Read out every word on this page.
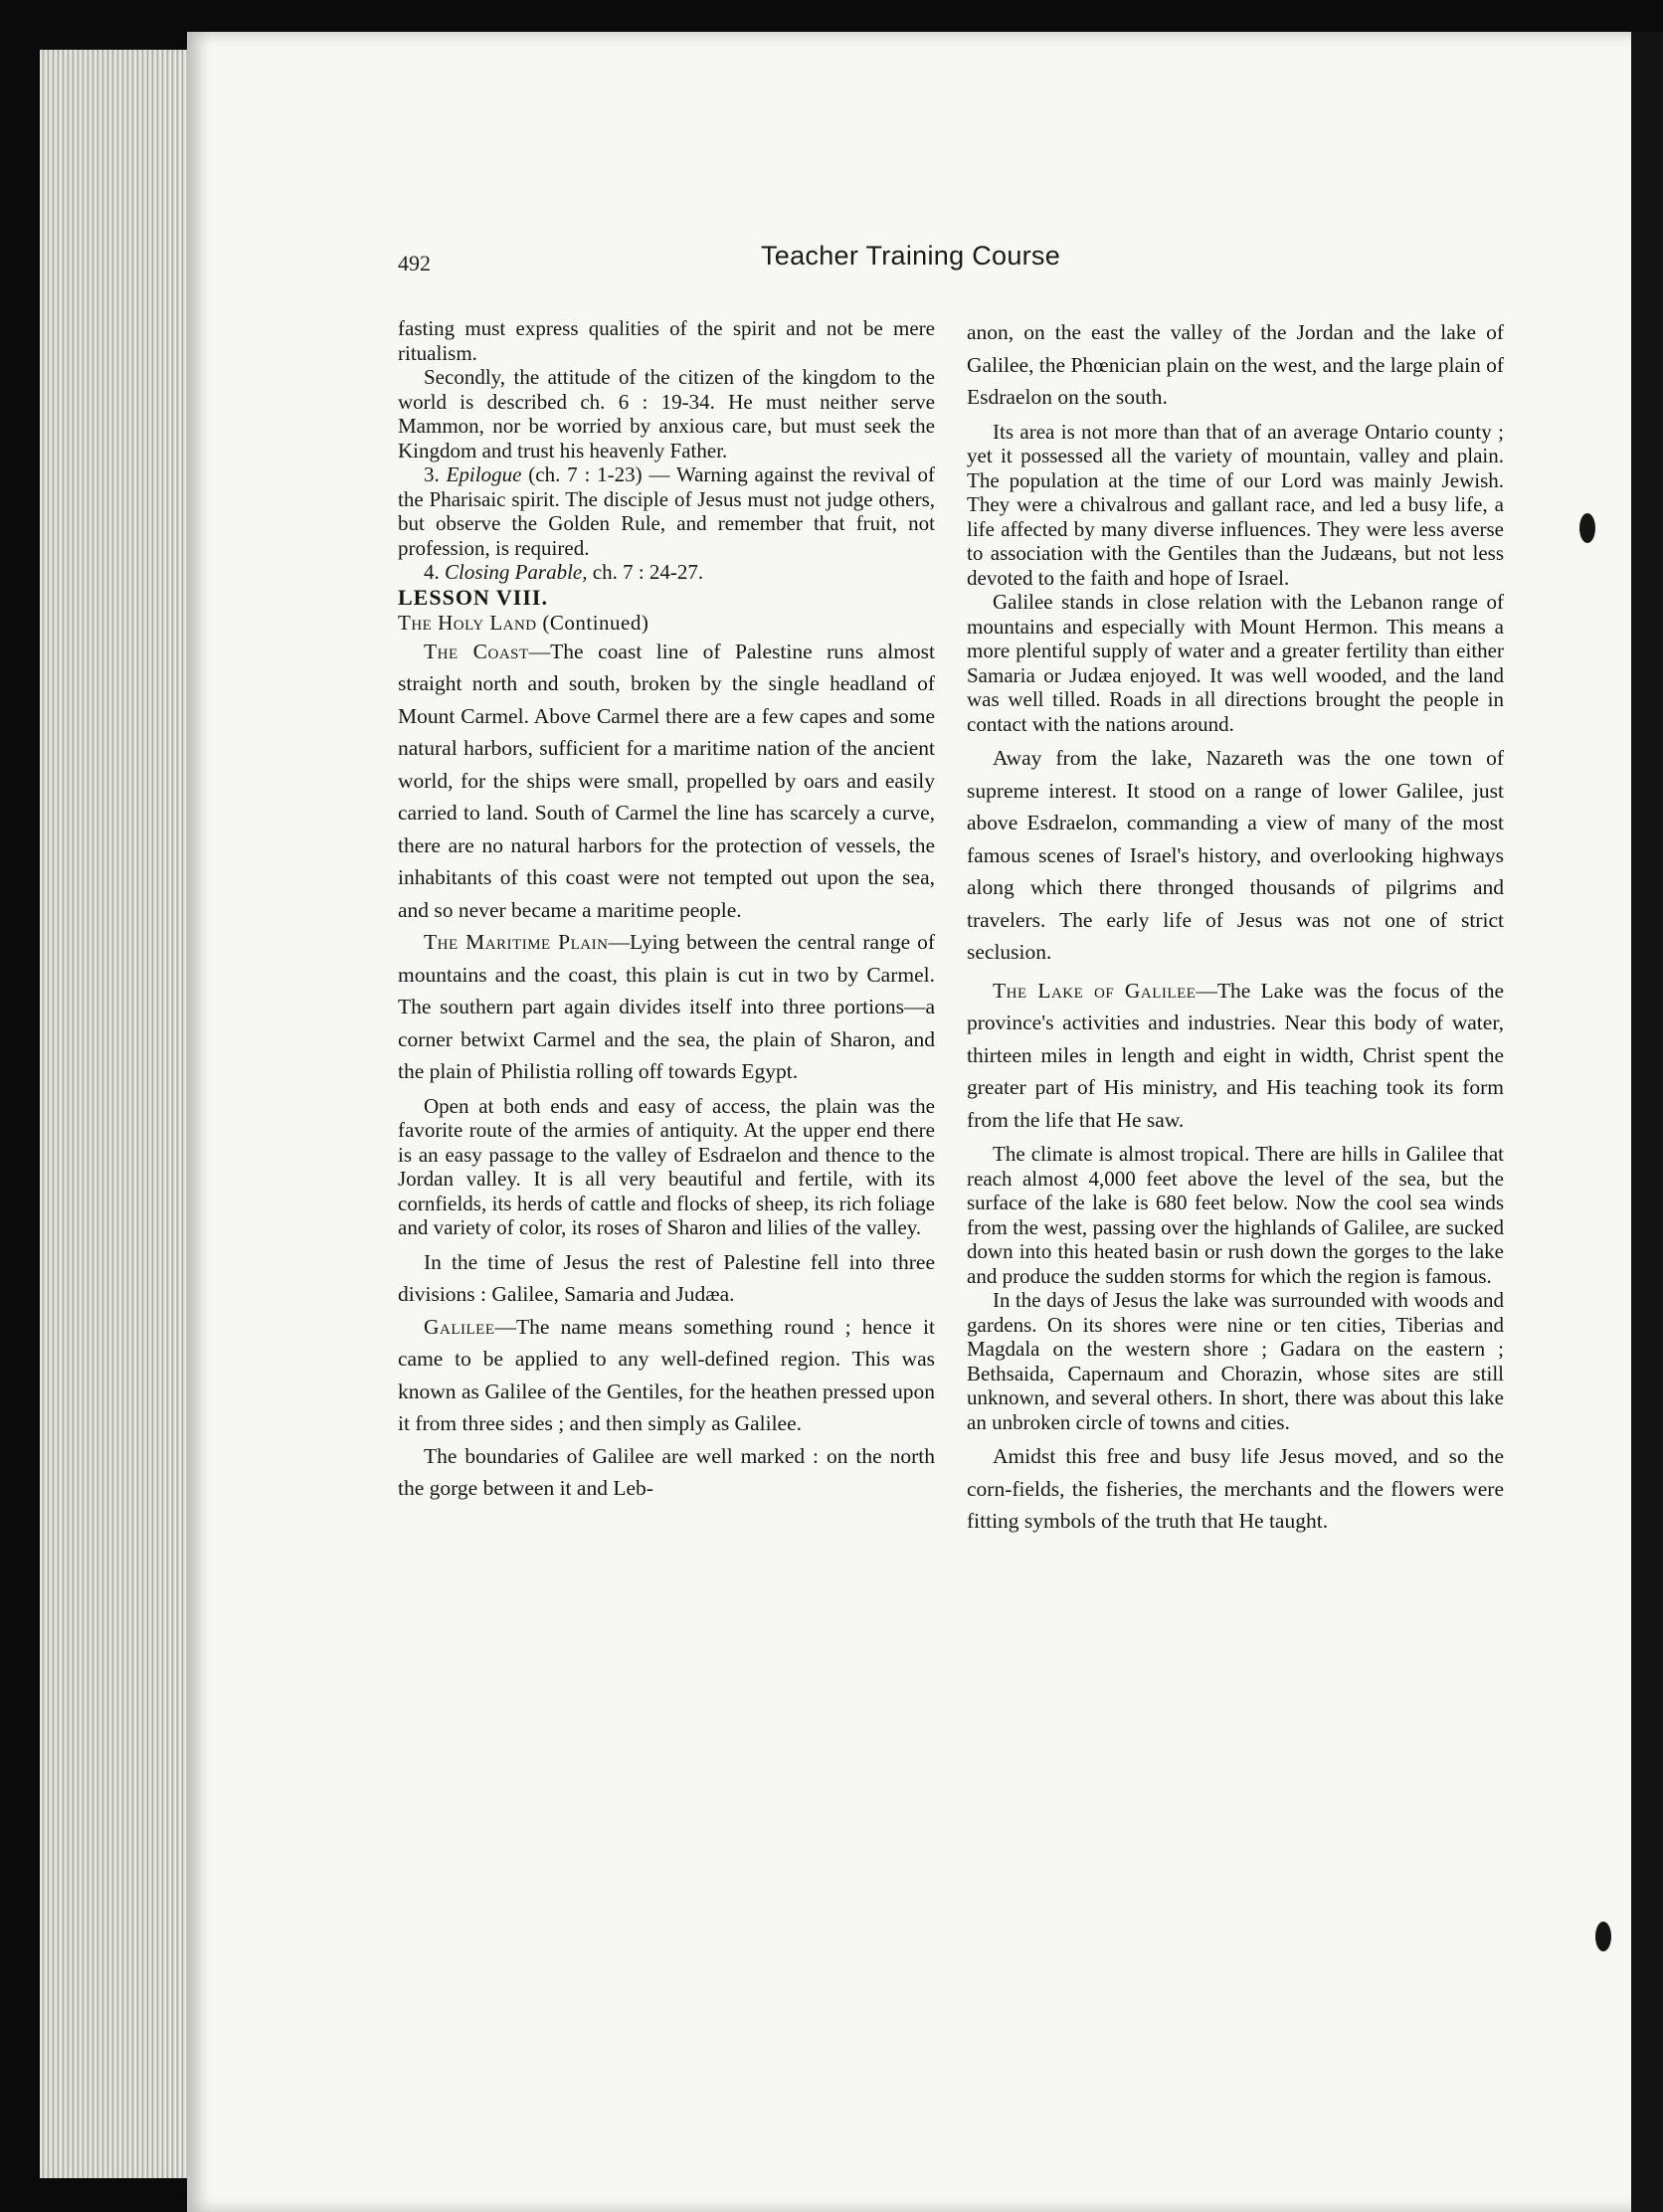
492	Teacher Training Course

fasting must express qualities of the spirit and not be mere ritualism.

Secondly, the attitude of the citizen of the kingdom to the world is described ch. 6 : 19-34. He must neither serve Mammon, nor be worried by anxious care, but must seek the Kingdom and trust his heavenly Father.

3. Epilogue (ch. 7 : 1-23) — Warning against the revival of the Pharisaic spirit. The disciple of Jesus must not judge others, but observe the Golden Rule, and remember that fruit, not profession, is required.

4. Closing Parable, ch. 7 : 24-27.

LESSON VIII.

The Holy Land (Continued)

The Coast—The coast line of Palestine runs almost straight north and south, broken by the single headland of Mount Carmel. Above Carmel there are a few capes and some natural harbors, sufficient for a maritime nation of the ancient world, for the ships were small, propelled by oars and easily carried to land. South of Carmel the line has scarcely a curve, there are no natural harbors for the protection of vessels, the inhabitants of this coast were not tempted out upon the sea, and so never became a maritime people.

The Maritime Plain—Lying between the central range of mountains and the coast, this plain is cut in two by Carmel. The southern part again divides itself into three portions—a corner betwixt Carmel and the sea, the plain of Sharon, and the plain of Philistia rolling off towards Egypt.

Open at both ends and easy of access, the plain was the favorite route of the armies of antiquity. At the upper end there is an easy passage to the valley of Esdraelon and thence to the Jordan valley. It is all very beautiful and fertile, with its cornfields, its herds of cattle and flocks of sheep, its rich foliage and variety of color, its roses of Sharon and lilies of the valley.

In the time of Jesus the rest of Palestine fell into three divisions : Galilee, Samaria and Judæa.

Galilee—The name means something round ; hence it came to be applied to any well-defined region. This was known as Galilee of the Gentiles, for the heathen pressed upon it from three sides ; and then simply as Galilee.

The boundaries of Galilee are well marked : on the north the gorge between it and Leb-

anon, on the east the valley of the Jordan and the lake of Galilee, the Phœnician plain on the west, and the large plain of Esdraelon on the south.

Its area is not more than that of an average Ontario county ; yet it possessed all the variety of mountain, valley and plain. The population at the time of our Lord was mainly Jewish. They were a chivalrous and gallant race, and led a busy life, a life affected by many diverse influences. They were less averse to association with the Gentiles than the Judæans, but not less devoted to the faith and hope of Israel.

Galilee stands in close relation with the Lebanon range of mountains and especially with Mount Hermon. This means a more plentiful supply of water and a greater fertility than either Samaria or Judæa enjoyed. It was well wooded, and the land was well tilled. Roads in all directions brought the people in contact with the nations around.

Away from the lake, Nazareth was the one town of supreme interest. It stood on a range of lower Galilee, just above Esdraelon, commanding a view of many of the most famous scenes of Israel's history, and overlooking highways along which there thronged thousands of pilgrims and travelers. The early life of Jesus was not one of strict seclusion.

The Lake of Galilee—The Lake was the focus of the province's activities and industries. Near this body of water, thirteen miles in length and eight in width, Christ spent the greater part of His ministry, and His teaching took its form from the life that He saw.

The climate is almost tropical. There are hills in Galilee that reach almost 4,000 feet above the level of the sea, but the surface of the lake is 680 feet below. Now the cool sea winds from the west, passing over the highlands of Galilee, are sucked down into this heated basin or rush down the gorges to the lake and produce the sudden storms for which the region is famous.

In the days of Jesus the lake was surrounded with woods and gardens. On its shores were nine or ten cities, Tiberias and Magdala on the western shore ; Gadara on the eastern ; Bethsaida, Capernaum and Chorazin, whose sites are still unknown, and several others. In short, there was about this lake an unbroken circle of towns and cities.

Amidst this free and busy life Jesus moved, and so the corn-fields, the fisheries, the merchants and the flowers were fitting symbols of the truth that He taught.
